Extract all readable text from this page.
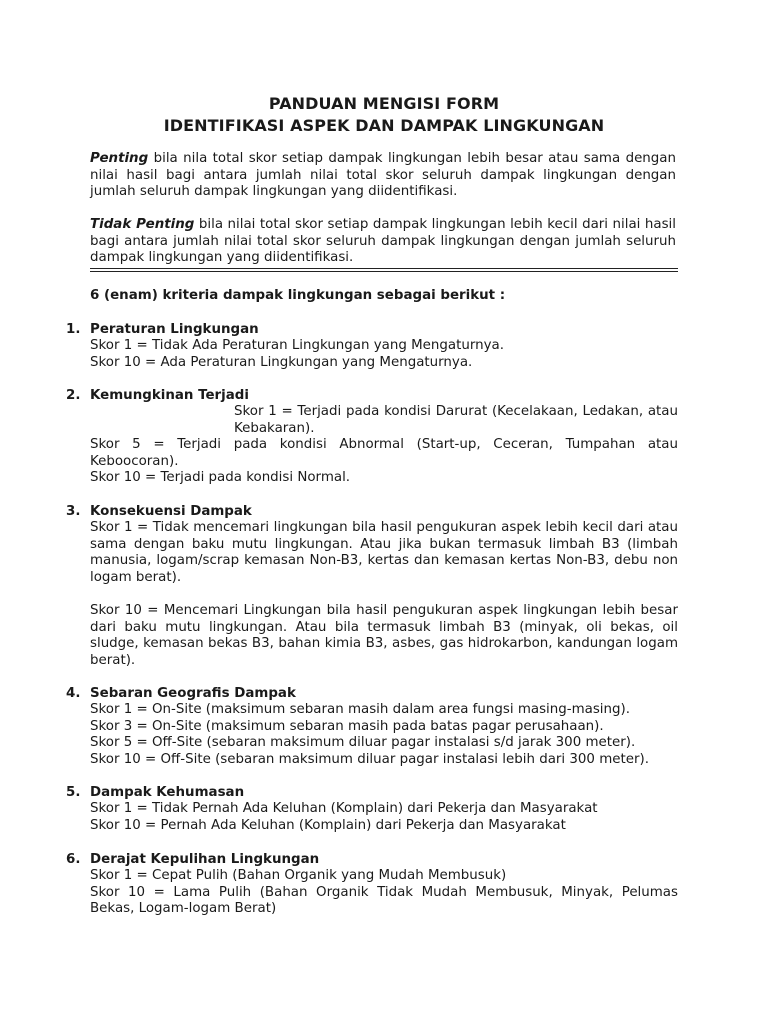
PANDUAN MENGISI FORM
IDENTIFIKASI ASPEK DAN DAMPAK LINGKUNGAN
Penting bila nila total skor setiap dampak lingkungan lebih besar atau sama dengan nilai hasil bagi antara jumlah nilai total skor seluruh dampak lingkungan dengan jumlah seluruh dampak lingkungan yang diidentifikasi.
Tidak Penting bila nilai total skor setiap dampak lingkungan lebih kecil dari nilai hasil bagi antara jumlah nilai total skor seluruh dampak lingkungan dengan jumlah seluruh dampak lingkungan yang diidentifikasi.
6 (enam) kriteria dampak lingkungan sebagai berikut :
1. Peraturan Lingkungan
Skor 1 = Tidak Ada Peraturan Lingkungan yang Mengaturnya.
Skor 10 = Ada Peraturan Lingkungan yang Mengaturnya.
2. Kemungkinan Terjadi
Skor 1 = Terjadi pada kondisi Darurat (Kecelakaan, Ledakan, atau Kebakaran).
Skor 5 = Terjadi pada kondisi Abnormal (Start-up, Ceceran, Tumpahan atau Keboocoran).
Skor 10 = Terjadi pada kondisi Normal.
3. Konsekuensi Dampak
Skor 1 = Tidak mencemari lingkungan bila hasil pengukuran aspek lebih kecil dari atau sama dengan baku mutu lingkungan. Atau jika bukan termasuk limbah B3 (limbah manusia, logam/scrap kemasan Non-B3, kertas dan kemasan kertas Non-B3, debu non logam berat).
Skor 10 = Mencemari Lingkungan bila hasil pengukuran aspek lingkungan lebih besar dari baku mutu lingkungan. Atau bila termasuk limbah B3 (minyak, oli bekas, oil sludge, kemasan bekas B3, bahan kimia B3, asbes, gas hidrokarbon, kandungan logam berat).
4. Sebaran Geografis Dampak
Skor 1 = On-Site (maksimum sebaran masih dalam area fungsi masing-masing).
Skor 3 = On-Site (maksimum sebaran masih pada batas pagar perusahaan).
Skor 5 = Off-Site (sebaran maksimum diluar pagar instalasi s/d jarak 300 meter).
Skor 10 = Off-Site (sebaran maksimum diluar pagar instalasi lebih dari 300 meter).
5. Dampak Kehumasan
Skor 1 = Tidak Pernah Ada Keluhan (Komplain) dari Pekerja dan Masyarakat
Skor 10 = Pernah Ada Keluhan (Komplain) dari Pekerja dan Masyarakat
6. Derajat Kepulihan Lingkungan
Skor 1 = Cepat Pulih (Bahan Organik yang Mudah Membusuk)
Skor 10 = Lama Pulih (Bahan Organik Tidak Mudah Membusuk, Minyak, Pelumas Bekas, Logam-logam Berat)
